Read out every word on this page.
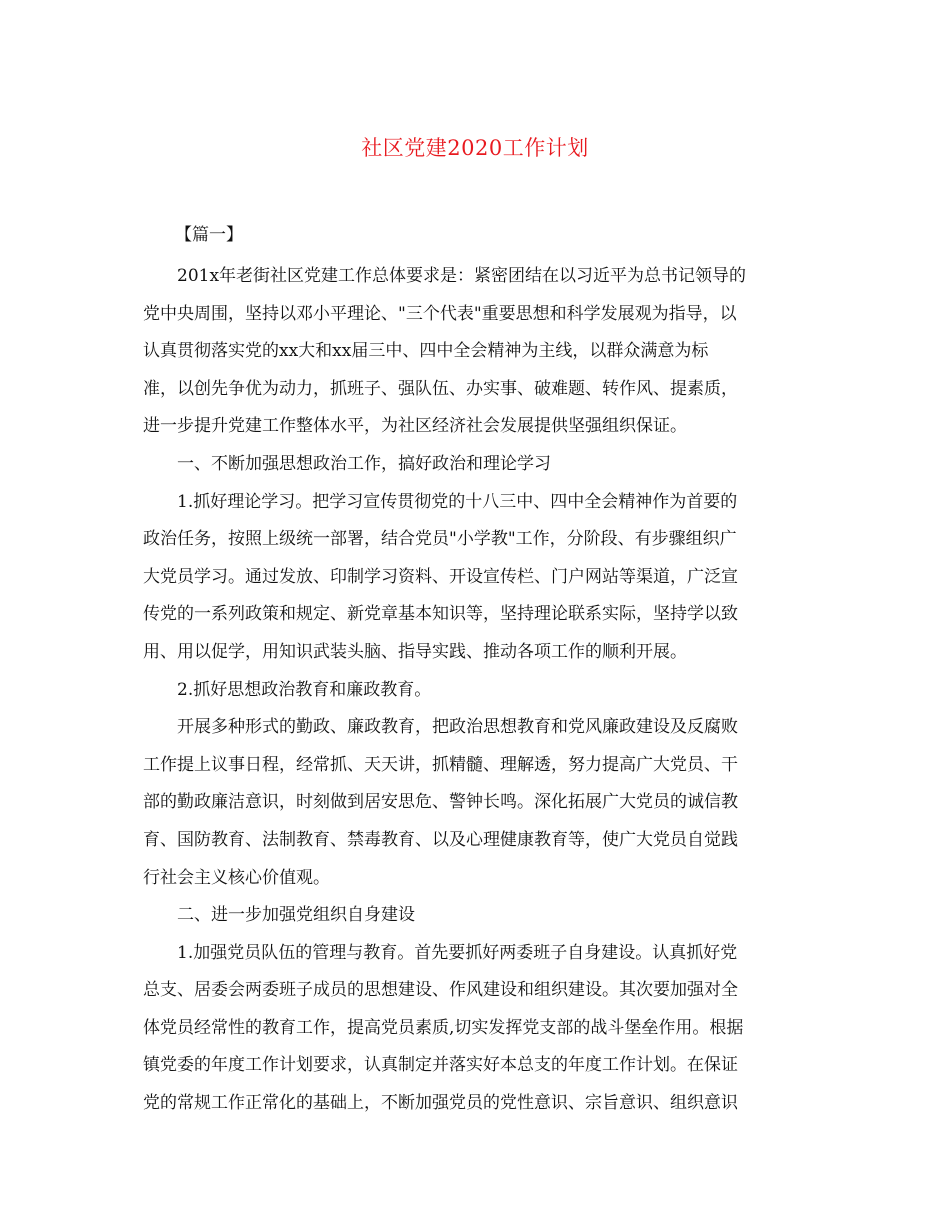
社区党建2020工作计划
【篇一】
201x年老街社区党建工作总体要求是：紧密团结在以习近平为总书记领导的
党中央周围，坚持以邓小平理论、"三个代表"重要思想和科学发展观为指导，以
认真贯彻落实党的xx大和xx届三中、四中全会精神为主线，以群众满意为标
准，以创先争优为动力，抓班子、强队伍、办实事、破难题、转作风、提素质，
进一步提升党建工作整体水平，为社区经济社会发展提供坚强组织保证。
一、不断加强思想政治工作，搞好政治和理论学习
1.抓好理论学习。把学习宣传贯彻党的十八三中、四中全会精神作为首要的
政治任务，按照上级统一部署，结合党员"小学教"工作，分阶段、有步骤组织广
大党员学习。通过发放、印制学习资料、开设宣传栏、门户网站等渠道，广泛宣
传党的一系列政策和规定、新党章基本知识等，坚持理论联系实际，坚持学以致
用、用以促学，用知识武装头脑、指导实践、推动各项工作的顺利开展。
2.抓好思想政治教育和廉政教育。
开展多种形式的勤政、廉政教育，把政治思想教育和党风廉政建设及反腐败
工作提上议事日程，经常抓、天天讲，抓精髓、理解透，努力提高广大党员、干
部的勤政廉洁意识，时刻做到居安思危、警钟长鸣。深化拓展广大党员的诚信教
育、国防教育、法制教育、禁毒教育、以及心理健康教育等，使广大党员自觉践
行社会主义核心价值观。
二、进一步加强党组织自身建设
1.加强党员队伍的管理与教育。首先要抓好两委班子自身建设。认真抓好党
总支、居委会两委班子成员的思想建设、作风建设和组织建设。其次要加强对全
体党员经常性的教育工作，提高党员素质,切实发挥党支部的战斗堡垒作用。根据
镇党委的年度工作计划要求，认真制定并落实好本总支的年度工作计划。在保证
党的常规工作正常化的基础上，不断加强党员的党性意识、宗旨意识、组织意识
